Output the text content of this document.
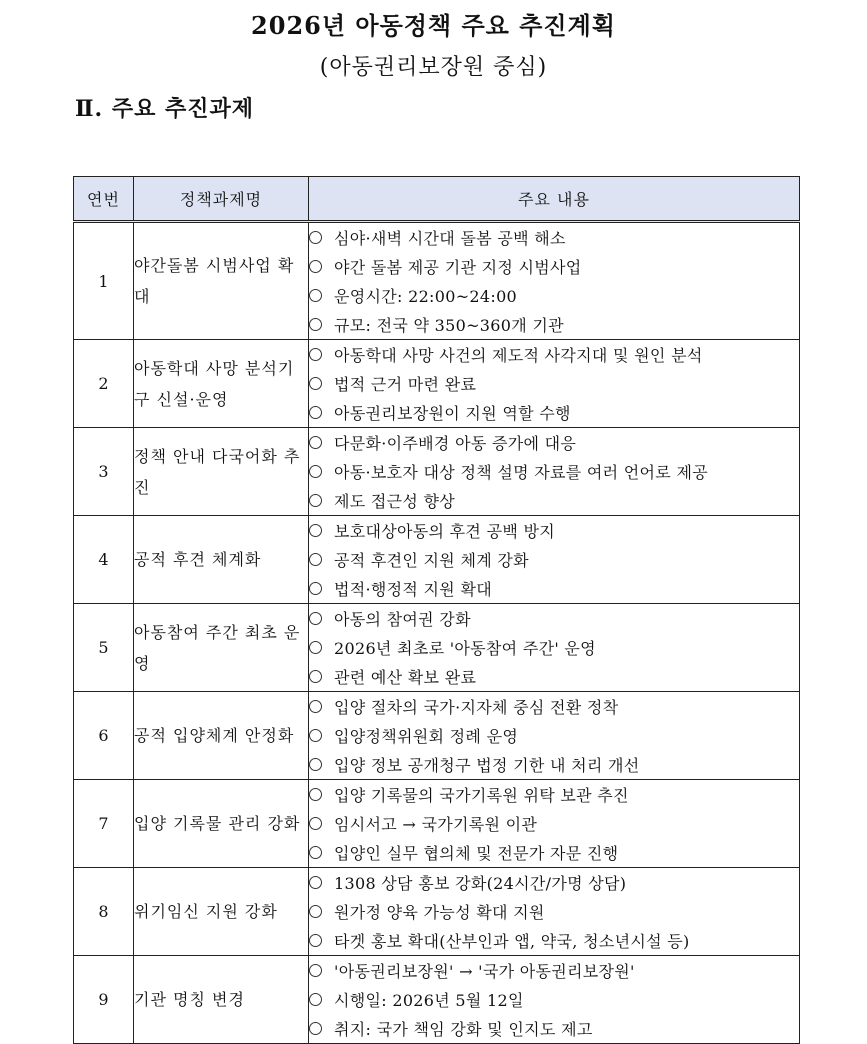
2026년 아동정책 주요 추진계획
(아동권리보장원 중심)
Ⅱ. 주요 추진과제
연번	정책과제명	주요 내용
1	야간돌봄 시범사업 확대	심야·새벽 시간대 돌봄 공백 해소
야간 돌봄 제공 기관 지정 시범사업
운영시간: 22:00~24:00
규모: 전국 약 350~360개 기관

2	아동학대 사망 분석기구 신설·운영	아동학대 사망 사건의 제도적 사각지대 및 원인 분석
법적 근거 마련 완료
아동권리보장원이 지원 역할 수행

3	정책 안내 다국어화 추진	다문화·이주배경 아동 증가에 대응
아동·보호자 대상 정책 설명 자료를 여러 언어로 제공
제도 접근성 향상

4	공적 후견 체계화	보호대상아동의 후견 공백 방지
공적 후견인 지원 체계 강화
법적·행정적 지원 확대

5	아동참여 주간 최초 운영	아동의 참여권 강화
2026년 최초로 '아동참여 주간' 운영
관련 예산 확보 완료

6	공적 입양체계 안정화	입양 절차의 국가·지자체 중심 전환 정착
입양정책위원회 정례 운영
입양 정보 공개청구 법정 기한 내 처리 개선

7	입양 기록물 관리 강화	입양 기록물의 국가기록원 위탁 보관 추진
임시서고 → 국가기록원 이관
입양인 실무 협의체 및 전문가 자문 진행

8	위기임신 지원 강화	1308 상담 홍보 강화(24시간/가명 상담)
원가정 양육 가능성 확대 지원
타겟 홍보 확대(산부인과 앱, 약국, 청소년시설 등)

9	기관 명칭 변경	'아동권리보장원' → '국가 아동권리보장원'
시행일: 2026년 5월 12일
취지: 국가 책임 강화 및 인지도 제고
